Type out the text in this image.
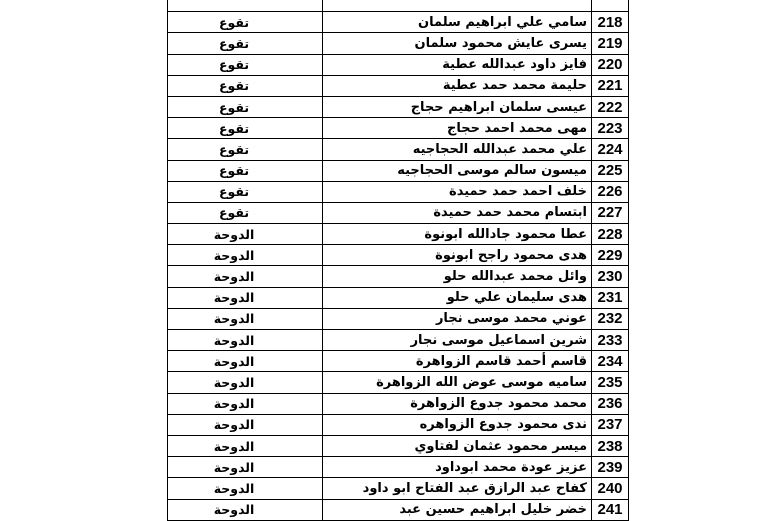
تقوع	سامي علي ابراهيم سلمان	218
تقوع	يسرى عايش محمود سلمان	219
تقوع	فايز داود عبدالله عطية	220
تقوع	حليمة محمد حمد عطية	221
تقوع	عيسى سلمان ابراهيم حجاج	222
تقوع	مهى محمد احمد حجاج	223
تقوع	علي محمد عبدالله الحجاجيه	224
تقوع	ميسون سالم موسى الحجاجيه	225
تقوع	خلف احمد حمد حميدة	226
تقوع	ابتسام محمد حمد حميدة	227
الدوحة	عطا محمود جادالله ابونوة	228
الدوحة	هدى محمود راجح ابونوة	229
الدوحة	وائل محمد عبدالله حلو	230
الدوحة	هدى سليمان علي حلو	231
الدوحة	عوني محمد موسى نجار	232
الدوحة	شرين اسماعيل موسى نجار	233
الدوحة	قاسم أحمد قاسم الزواهرة	234
الدوحة	ساميه موسى عوض الله الزواهرة	235
الدوحة	محمد محمود جدوع الزواهرة	236
الدوحة	ندى محمود جدوع الزواهره	237
الدوحة	ميسر محمود عثمان لفتاوي	238
الدوحة	عزيز عودة محمد ابوداود	239
الدوحة	كفاح عبد الرازق عبد الفتاح ابو داود	240
الدوحة	خضر خليل ابراهيم حسين عبد	241
